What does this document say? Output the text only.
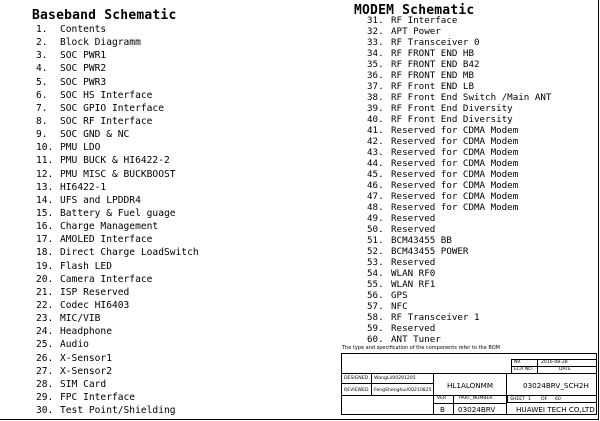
Baseband Schematic	MODEM Schematic
1. Contents
2. Block Diagramm
3. SOC PWR1
4. SOC PWR2
5. SOC PWR3
6. SOC HS Interface
7. SOC GPIO Interface
8. SOC RF Interface
9. SOC GND & NC
10. PMU LDO
11. PMU BUCK & HI6422-2
12. PMU MISC & BUCKBOOST
13. HI6422-1
14. UFS and LPDDR4
15. Battery & Fuel guage
16. Charge Management
17. AMOLED Interface
18. Direct Charge LoadSwitch
19. Flash LED
20. Camera Interface
21. ISP Reserved
22. Codec HI6403
23. MIC/VIB
24. Headphone
25. Audio
26. X-Sensor1
27. X-Sensor2
28. SIM Card
29. FPC Interface
30. Test Point/Shielding
31. RF Interface
32. APT Power
33. RF Transceiver 0
34. RF FRONT END HB
35. RF FRONT END B42
36. RF FRONT END MB
37. RF Front END LB
38. RF Front End Switch /Main ANT
39. RF Front End Diversity
40. RF Front End Diversity
41. Reserved for CDMA Modem
42. Reserved for CDMA Modem
43. Reserved for CDMA Modem
44. Reserved for CDMA Modem
45. Reserved for CDMA Modem
46. Reserved for CDMA Modem
47. Reserved for CDMA Modem
48. Reserved for CDMA Modem
49. Reserved
50. Reserved
51. BCM43455 BB
52. BCM43455 POWER
53. Reserved
54. WLAN RF0
55. WLAN RF1
56. GPS
57. NFC
58. RF Transceiver 1
59. Reserved
60. ANT Tuner
The type and specification of the components refer to the BOM
NR	2016-08-28
ECA NO.	DATE
DESIGNED WangLi/00291205
REVIEWED FengShenghui/00210825
HL1ALONMM	03024BRV_SCH2H
VER	PART_NUMBER
B 03024BRV
SHEET 1 OF 60
HUAWEI TECH CO,LTD
